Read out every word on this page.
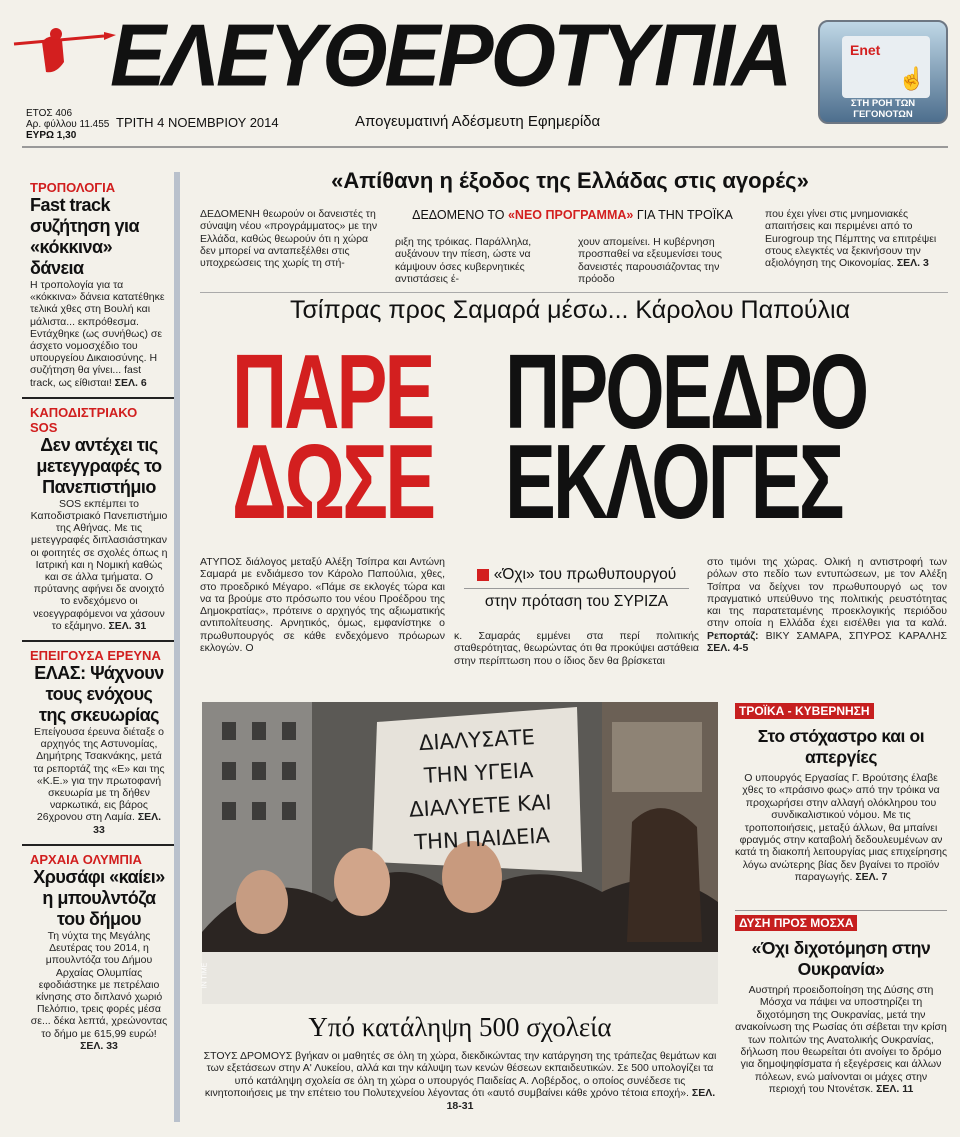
ΕΛΕΥΘΕΡΟΤΥΠΙΑ
ΕΤΟΣ 406
Αρ. φύλλου 11.455
ΕΥΡΩ 1,30
ΤΡΙΤΗ 4 ΝΟΕΜΒΡΙΟΥ 2014	Απογευματινή Αδέσμευτη Εφημερίδα
Enet
☝
ΣΤΗ ΡΟΗ ΤΩΝ ΓΕΓΟΝΟΤΩΝ
ΤΡΟΠΟΛΟΓΙΑ
Fast track συζήτηση για «κόκκινα» δάνεια
Η τροπολογία για τα «κόκκινα» δάνεια κατατέθηκε τελικά χθες στη Βουλή και μάλιστα... εκπρόθεσμα. Εντάχθηκε (ως συνήθως) σε άσχετο νομοσχέδιο του υπουργείου Δικαιοσύνης. Η συζήτηση θα γίνει... fast track, ως είθισται! ΣΕΛ. 6
ΚΑΠΟΔΙΣΤΡΙΑΚΟ SOS
Δεν αντέχει τις μετεγγραφές το Πανεπιστήμιο
SOS εκπέμπει το Καποδιστριακό Πανεπιστήμιο της Αθήνας. Με τις μετεγγραφές διπλασιάστηκαν οι φοιτητές σε σχολές όπως η Ιατρική και η Νομική καθώς και σε άλλα τμήματα. Ο πρύτανης αφήνει δε ανοιχτό το ενδεχόμενο οι νεοεγγραφόμενοι να χάσουν το εξάμηνο. ΣΕΛ. 31
ΕΠΕΙΓΟΥΣΑ ΕΡΕΥΝΑ
ΕΛΑΣ: Ψάχνουν τους ενόχους της σκευωρίας
Επείγουσα έρευνα διέταξε ο αρχηγός της Αστυνομίας, Δημήτρης Τσακνάκης, μετά τα ρεπορτάζ της «Ε» και της «Κ.Ε.» για την πρωτοφανή σκευωρία με τη δήθεν ναρκωτικά, εις βάρος 26χρονου στη Λαμία. ΣΕΛ. 33
ΑΡΧΑΙΑ ΟΛΥΜΠΙΑ
Χρυσάφι «καίει» η μπουλντόζα του δήμου
Τη νύχτα της Μεγάλης Δευτέρας του 2014, η μπουλντόζα του Δήμου Αρχαίας Ολυμπίας εφοδιάστηκε με πετρέλαιο κίνησης στο διπλανό χωριό Πελόπιο, τρεις φορές μέσα σε... δέκα λεπτά, χρεώνοντας το δήμο με 615,99 ευρώ! ΣΕΛ. 33
«Απίθανη η έξοδος της Ελλάδας στις αγορές»
ΔΕΔΟΜΕΝΗ θεωρούν οι δανειστές τη σύναψη νέου «προγράμματος» με την Ελλάδα, καθώς θεωρούν ότι η χώρα δεν μπορεί να ανταπεξέλθει στις υποχρεώσεις της χωρίς τη στή-
ΔΕΔΟΜΕΝΟ ΤΟ «ΝΕΟ ΠΡΟΓΡΑΜΜΑ» ΓΙΑ ΤΗΝ ΤΡΟΪΚΑ
ριξη της τρόικας. Παράλληλα, αυξάνουν την πίεση, ώστε να κάμψουν όσες κυβερνητικές αντιστάσεις έ-
χουν απομείνει. Η κυβέρνηση προσπαθεί να εξευμενίσει τους δανειστές παρουσιάζοντας την πρόοδο
που έχει γίνει στις μνημονιακές απαιτήσεις και περιμένει από το Eurogroup της Πέμπτης να επιτρέψει στους ελεγκτές να ξεκινήσουν την αξιολόγηση της Οικονομίας. ΣΕΛ. 3
Τσίπρας προς Σαμαρά μέσω... Κάρολου Παπούλια
ΠΑΡΕ
ΔΩΣΕ
ΠΡΟΕΔΡΟ
ΕΚΛΟΓΕΣ
ΑΤΥΠΟΣ διάλογος μεταξύ Αλέξη Τσίπρα και Αντώνη Σαμαρά με ενδιάμεσο τον Κάρολο Παπούλια, χθες, στο προεδρικό Μέγαρο. «Πάμε σε εκλογές τώρα και να τα βρούμε στο πρόσωπο του νέου Προέδρου της Δημοκρατίας», πρότεινε ο αρχηγός της αξιωματικής αντιπολίτευσης. Αρνητικός, όμως, εμφανίστηκε ο πρωθυπουργός σε κάθε ενδεχόμενο πρόωρων εκλογών. Ο
«Όχι» του πρωθυπουργού
στην πρόταση του ΣΥΡΙΖΑ
κ. Σαμαράς εμμένει στα περί πολιτικής σταθερότητας, θεωρώντας ότι θα προκύψει αστάθεια στην περίπτωση που ο ίδιος δεν θα βρίσκεται
στο τιμόνι της χώρας. Ολική η αντιστροφή των ρόλων στο πεδίο των εντυπώσεων, με τον Αλέξη Τσίπρα να δείχνει τον πρωθυπουργό ως τον πραγματικό υπεύθυνο της πολιτικής ρευστότητας και της παρατεταμένης προεκλογικής περιόδου στην οποία η Ελλάδα έχει εισέλθει για τα καλά. Ρεπορτάζ: ΒΙΚΥ ΣΑΜΑΡΑ, ΣΠΥΡΟΣ ΚΑΡΑΛΗΣ ΣΕΛ. 4-5
ΔΙΑΛΥΣΑΤΕ
ΤΗΝ ΥΓΕΙΑ
ΔΙΑΛΥΕΤΕ ΚΑΙ
ΤΗΝ ΠΑΙΔΕΙΑ
IN TIME
Υπό κατάληψη 500 σχολεία
ΣΤΟΥΣ ΔΡΟΜΟΥΣ βγήκαν οι μαθητές σε όλη τη χώρα, διεκδικώντας την κατάργηση της τράπεζας θεμάτων και των εξετάσεων στην Α' Λυκείου, αλλά και την κάλυψη των κενών θέσεων εκπαιδευτικών. Σε 500 υπολογίζει τα υπό κατάληψη σχολεία σε όλη τη χώρα ο υπουργός Παιδείας Α. Λοβέρδος, ο οποίος συνέδεσε τις κινητοποιήσεις με την επέτειο του Πολυτεχνείου λέγοντας ότι «αυτό συμβαίνει κάθε χρόνο τέτοια εποχή». ΣΕΛ. 18-31
ΤΡΟΪΚΑ - ΚΥΒΕΡΝΗΣΗ
Στο στόχαστρο και οι απεργίες
Ο υπουργός Εργασίας Γ. Βρούτσης έλαβε χθες το «πράσινο φως» από την τρόικα να προχωρήσει στην αλλαγή ολόκληρου του συνδικαλιστικού νόμου. Με τις τροποποιήσεις, μεταξύ άλλων, θα μπαίνει φραγμός στην καταβολή δεδουλευμένων αν κατά τη διακοπή λειτουργίας μιας επιχείρησης λόγω ανώτερης βίας δεν βγαίνει το προϊόν παραγωγής. ΣΕΛ. 7
ΔΥΣΗ ΠΡΟΣ ΜΟΣΧΑ
«Όχι διχοτόμηση στην Ουκρανία»
Αυστηρή προειδοποίηση της Δύσης στη Μόσχα να πάψει να υποστηρίζει τη διχοτόμηση της Ουκρανίας, μετά την ανακοίνωση της Ρωσίας ότι σέβεται την κρίση των πολιτών της Ανατολικής Ουκρανίας, δήλωση που θεωρείται ότι ανοίγει το δρόμο για δημοψηφίσματα ή εξεγέρσεις και άλλων πόλεων, ενώ μαίνονται οι μάχες στην περιοχή του Ντονέτσκ. ΣΕΛ. 11
